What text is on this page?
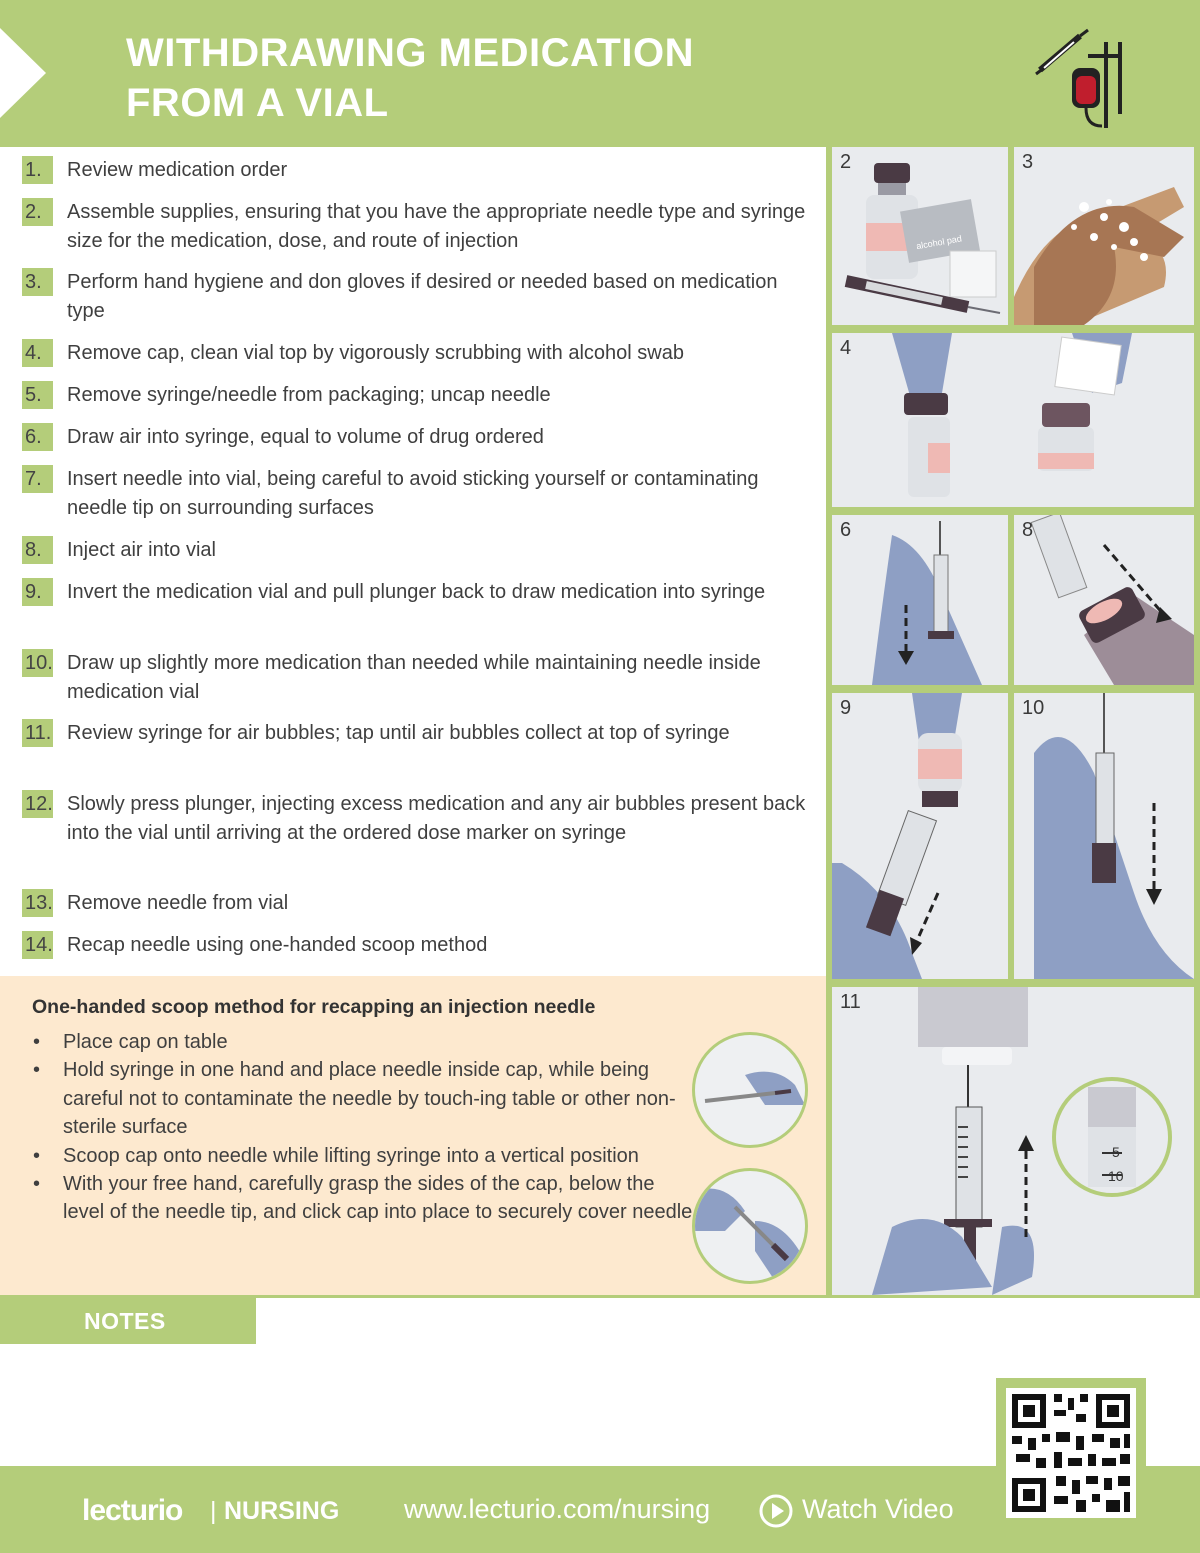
WITHDRAWING MEDICATION
FROM A VIAL
1.	Review medication order
2.	Assemble supplies, ensuring that you have the appropriate needle type and syringe size for the medication, dose, and route of injection
3.	Perform hand hygiene and don gloves if desired or needed based on medication type
4.	Remove cap, clean vial top by vigorously scrubbing with alcohol swab
5.	Remove syringe/needle from packaging; uncap needle
6.	Draw air into syringe, equal to volume of drug ordered
7.	Insert needle into vial, being careful to avoid sticking yourself or contaminating needle tip on surrounding surfaces
8.	Inject air into vial
9.	Invert the medication vial and pull plunger back to draw medication into syringe
10. Draw up slightly more medication than needed while maintaining needle inside medication vial
11. Review syringe for air bubbles; tap until air bubbles collect at top of syringe
12. Slowly press plunger, injecting excess medication and any air bubbles present back into the vial until arriving at the ordered dose marker on syringe
13. Remove needle from vial
14. Recap needle using one-handed scoop method
alcohol pad
2	3
4
6	8
9	10
5
10
11
One-handed scoop method for recapping an injection needle
• Place cap on table
• Hold syringe in one hand and place needle inside cap, while being careful not to contaminate the needle by touch-ing table or other non-sterile surface
• Scoop cap onto needle while lifting syringe into a vertical position
• With your free hand, carefully grasp the sides of the cap, below the level of the needle tip, and click cap into place to securely cover needle
NOTES
lecturio | NURSING www.lecturio.com/nursing	Watch Video
